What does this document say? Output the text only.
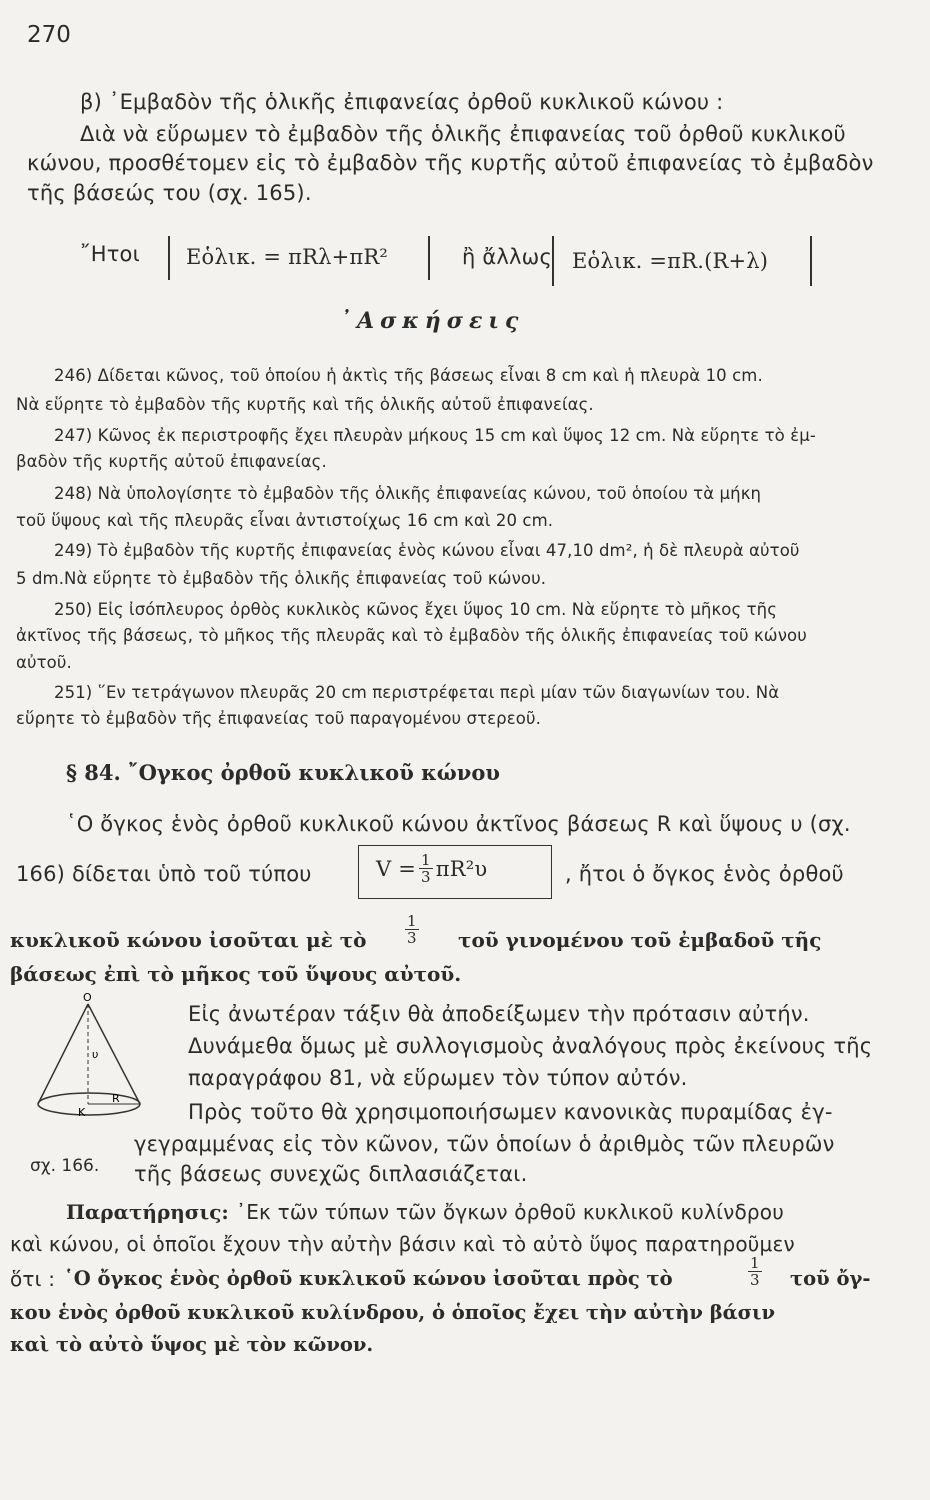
270
β) ᾿Εμβαδὸν τῆς ὁλικῆς ἐπιφανείας ὀρθοῦ κυκλικοῦ κώνου :
Διὰ νὰ εὕρωμεν τὸ ἐμβαδὸν τῆς ὁλικῆς ἐπιφανείας τοῦ ὀρθοῦ κυκλικοῦ
κώνου, προσθέτομεν εἰς τὸ ἐμβαδὸν τῆς κυρτῆς αὐτοῦ ἐπιφανείας τὸ ἐμβαδὸν
τῆς βάσεώς του (σχ. 165).
῎Ητοι Eὁλικ. = πRλ+πR²	ἢ ἄλλως Eὁλικ. =πR.(R+λ)
᾿Ασκήσεις
246) Δίδεται κῶνος, τοῦ ὁποίου ἡ ἀκτὶς τῆς βάσεως εἶναι 8 cm καὶ ἡ πλευρὰ 10 cm.
Νὰ εὕρητε τὸ ἐμβαδὸν τῆς κυρτῆς καὶ τῆς ὁλικῆς αὐτοῦ ἐπιφανείας.
247) Κῶνος ἐκ περιστροφῆς ἔχει πλευρὰν μήκους 15 cm καὶ ὕψος 12 cm. Νὰ εὕρητε τὸ ἐμ-
βαδὸν τῆς κυρτῆς αὐτοῦ ἐπιφανείας.
248) Νὰ ὑπολογίσητε τὸ ἐμβαδὸν τῆς ὁλικῆς ἐπιφανείας κώνου, τοῦ ὁποίου τὰ μήκη
τοῦ ὕψους καὶ τῆς πλευρᾶς εἶναι ἀντιστοίχως 16 cm καὶ 20 cm.
249) Τὸ ἐμβαδὸν τῆς κυρτῆς ἐπιφανείας ἑνὸς κώνου εἶναι 47,10 dm², ἡ δὲ πλευρὰ αὐτοῦ
5 dm.Νὰ εὕρητε τὸ ἐμβαδὸν τῆς ὁλικῆς ἐπιφανείας τοῦ κώνου.
250) Εἰς ἰσόπλευρος ὀρθὸς κυκλικὸς κῶνος ἔχει ὕψος 10 cm. Νὰ εὕρητε τὸ μῆκος τῆς
ἀκτῖνος τῆς βάσεως, τὸ μῆκος τῆς πλευρᾶς καὶ τὸ ἐμβαδὸν τῆς ὁλικῆς ἐπιφανείας τοῦ κώνου
αὐτοῦ.
251) ῞Εν τετράγωνον πλευρᾶς 20 cm περιστρέφεται περὶ μίαν τῶν διαγωνίων του. Νὰ
εὕρητε τὸ ἐμβαδὸν τῆς ἐπιφανείας τοῦ παραγομένου στερεοῦ.
§ 84. ῎Ογκος ὀρθοῦ κυκλικοῦ κώνου
῾Ο ὄγκος ἑνὸς ὀρθοῦ κυκλικοῦ κώνου ἀκτῖνος βάσεως R καὶ ὕψους υ (σχ.
166) δίδεται ὑπὸ τοῦ τύπου	$V = \frac{1}{3} \pi R^2\upsilon$	, ἤτοι ὁ ὄγκος ἑνὸς ὀρθοῦ
κυκλικοῦ κώνου ἰσοῦται μὲ τὸ	$\frac{1}{3}$ τοῦ γινομένου τοῦ ἐμβαδοῦ τῆς
βάσεως ἐπὶ τὸ μῆκος τοῦ ὕψους αὐτοῦ.
O
υ
K
R
σχ. 166.
Εἰς ἀνωτέραν τάξιν θὰ ἀποδείξωμεν τὴν πρότασιν αὐτήν.
Δυνάμεθα ὅμως μὲ συλλογισμοὺς ἀναλόγους πρὸς ἐκείνους τῆς
παραγράφου 81, νὰ εὕρωμεν τὸν τύπον αὐτόν.
Πρὸς τοῦτο θὰ χρησιμοποιήσωμεν κανονικὰς πυραμίδας ἐγ-
γεγραμμένας εἰς τὸν κῶνον, τῶν ὁποίων ὁ ἀριθμὸς τῶν πλευρῶν
τῆς βάσεως συνεχῶς διπλασιάζεται.
Παρατήρησις: ᾿Εκ τῶν τύπων τῶν ὄγκων ὀρθοῦ κυκλικοῦ κυλίνδρου
καὶ κώνου, οἱ ὁποῖοι ἔχουν τὴν αὐτὴν βάσιν καὶ τὸ αὐτὸ ὕψος παρατηροῦμεν
ὅτι : ῾Ο ὄγκος ἑνὸς ὀρθοῦ κυκλικοῦ κώνου ἰσοῦται πρὸς τὸ	$\frac{1}{3}$ τοῦ ὄγ-
κου ἑνὸς ὀρθοῦ κυκλικοῦ κυλίνδρου, ὁ ὁποῖος ἔχει τὴν αὐτὴν βάσιν
καὶ τὸ αὐτὸ ὕψος μὲ τὸν κῶνον.
